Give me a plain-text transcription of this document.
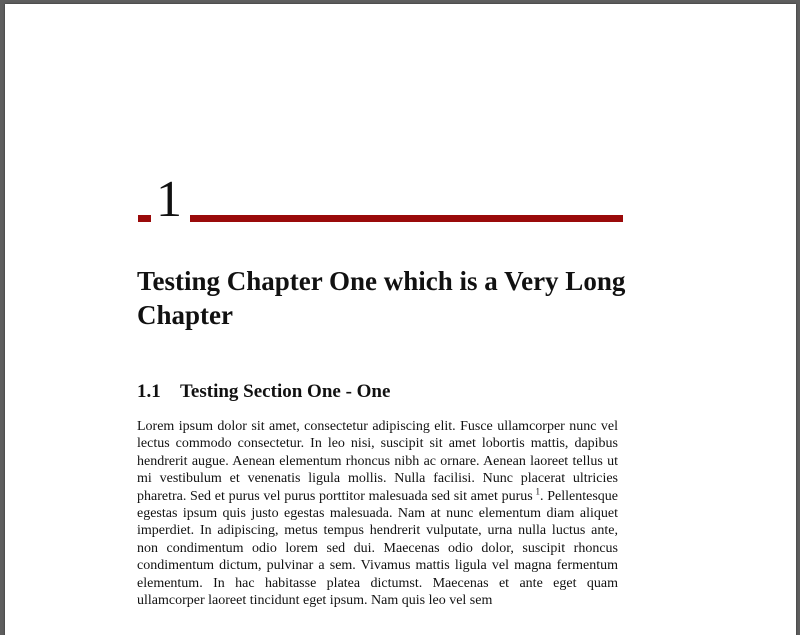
1
Testing Chapter One which is a Very Long Chapter
1.1 Testing Section One - One

Lorem ipsum dolor sit amet, consectetur adipiscing elit. Fusce ullamcorper nunc vel lectus commodo consectetur. In leo nisi, suscipit sit amet lobortis mattis, dapibus hendrerit augue. Aenean elementum rhoncus nibh ac ornare. Aenean laoreet tellus ut mi vestibulum et venenatis ligula mollis. Nulla facilisi. Nunc placerat ultricies pharetra. Sed et purus vel purus porttitor malesuada sed sit amet purus  $^1$. Pellentesque egestas ipsum quis justo egestas malesuada. Nam at nunc elementum diam aliquet imperdiet. In adipiscing, metus tempus hendrerit vulputate, urna nulla luctus ante, non condimentum odio lorem sed dui. Maecenas odio dolor, suscipit rhoncus condimentum dictum, pulvinar a sem. Vivamus mattis ligula vel magna fermentum elementum. In hac habitasse platea dictumst. Maecenas et ante eget quam ullamcorper laoreet tincidunt eget ipsum. Nam quis leo vel sem
